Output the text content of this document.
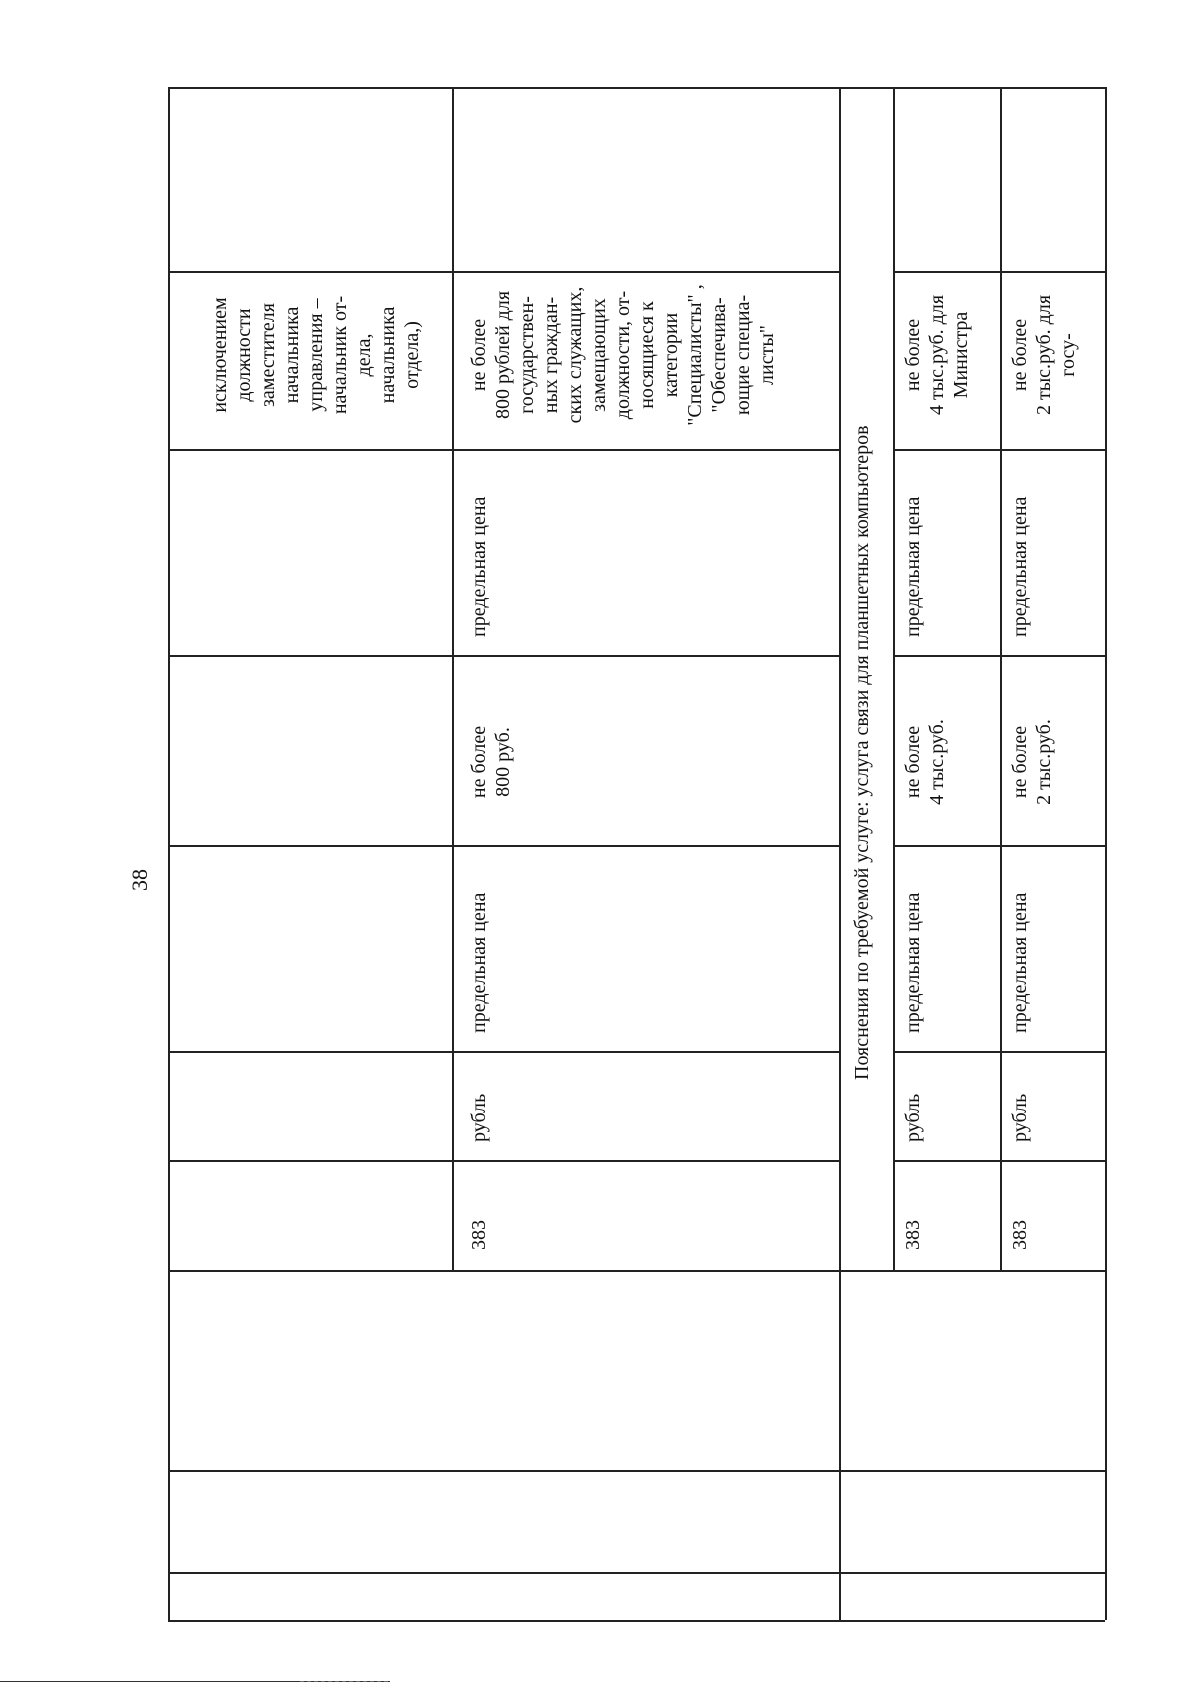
38
исключением
должности
заместителя
начальника
управления –
начальник от-
дела,
начальника
отдела,)
383
рубль
предельная цена
не более
800 руб.
предельная цена
не более
800 рублей для
государствен-
ных граждан-
ских служащих,
замещающих
должности, от-
носящиеся к
категории
"Специалисты" ,
"Обеспечива-
ющие специа-
листы"
Пояснения по требуемой услуге: услуга связи для планшетных компьютеров
383
рубль
предельная цена
не более
4 тыс.руб.
предельная цена
не более
4 тыс.руб. для
Министра
383
рубль
предельная цена
не более
2 тыс.руб.
предельная цена
не более
2 тыс.руб. для
госу-
